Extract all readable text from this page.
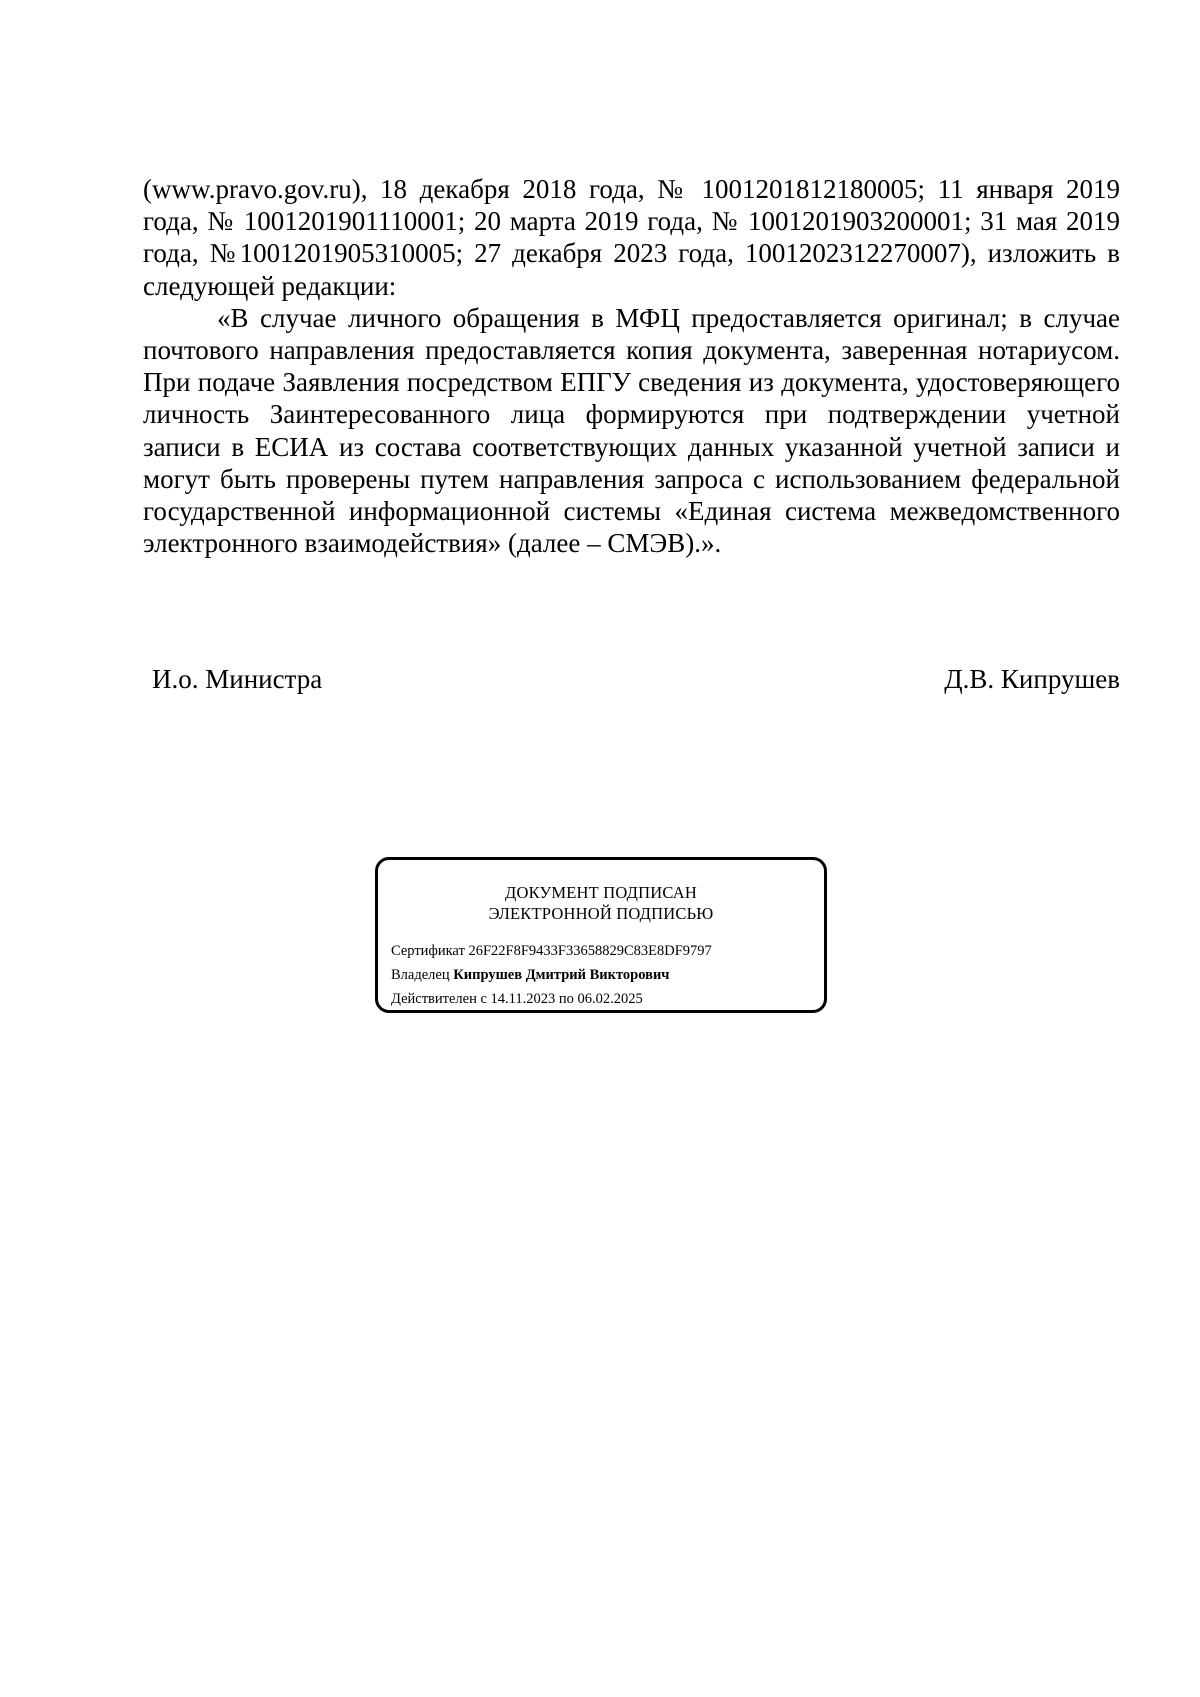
(www.pravo.gov.ru), 18 декабря 2018 года, № 1001201812180005; 11 января 2019 года, № 1001201901110001; 20 марта 2019 года, № 1001201903200001; 31 мая 2019 года, №1001201905310005; 27 декабря 2023 года, 1001202312270007), изложить в следующей редакции:

«В случае личного обращения в МФЦ предоставляется оригинал; в случае почтового направления предоставляется копия документа, заверенная нотариусом. При подаче Заявления посредством ЕПГУ сведения из документа, удостоверяющего личность Заинтересованного лица формируются при подтверждении учетной записи в ЕСИА из состава соответствующих данных указанной учетной записи и могут быть проверены путем направления запроса с использованием федеральной государственной информационной системы «Единая система межведомственного электронного взаимодействия» (далее – СМЭВ).».

И.о. Министра	Д.В. Кипрушев
ДОКУМЕНТ ПОДПИСАН
ЭЛЕКТРОННОЙ ПОДПИСЬЮ
Сертификат 26F22F8F9433F33658829C83E8DF9797
Владелец Кипрушев Дмитрий Викторович
Действителен с 14.11.2023 по 06.02.2025
